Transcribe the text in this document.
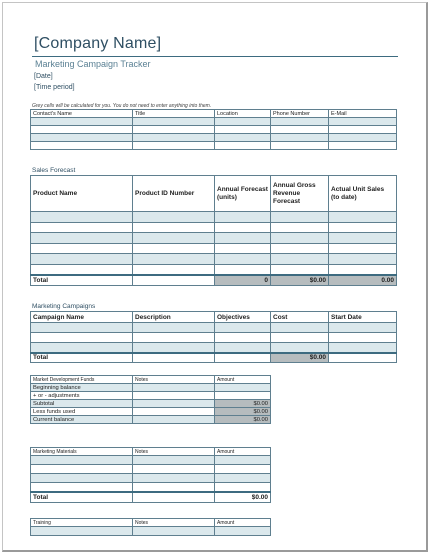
[Company Name]
Marketing Campaign Tracker
[Date]
[Time period]
Grey cells will be calculated for you. You do not need to enter anything into them.
Contact's Name	Title	Location	Phone Number	E-Mail

Sales Forecast
Product Name	Product ID Number	Annual Forecast (units)	Annual Gross Revenue Forecast	Actual Unit Sales (to date)

Total		0	$0.00	0.00
Marketing Campaigns
Campaign Name	Description	Objectives	Cost	Start Date

Total			$0.00	
Market Development Funds	Notes	Amount
Beginning balance		
+ or - adjustments		
Subtotal		$0.00
Less funds used		$0.00
Current balance		$0.00
Marketing Materials	Notes	Amount

Total		$0.00
Training	Notes	Amount
